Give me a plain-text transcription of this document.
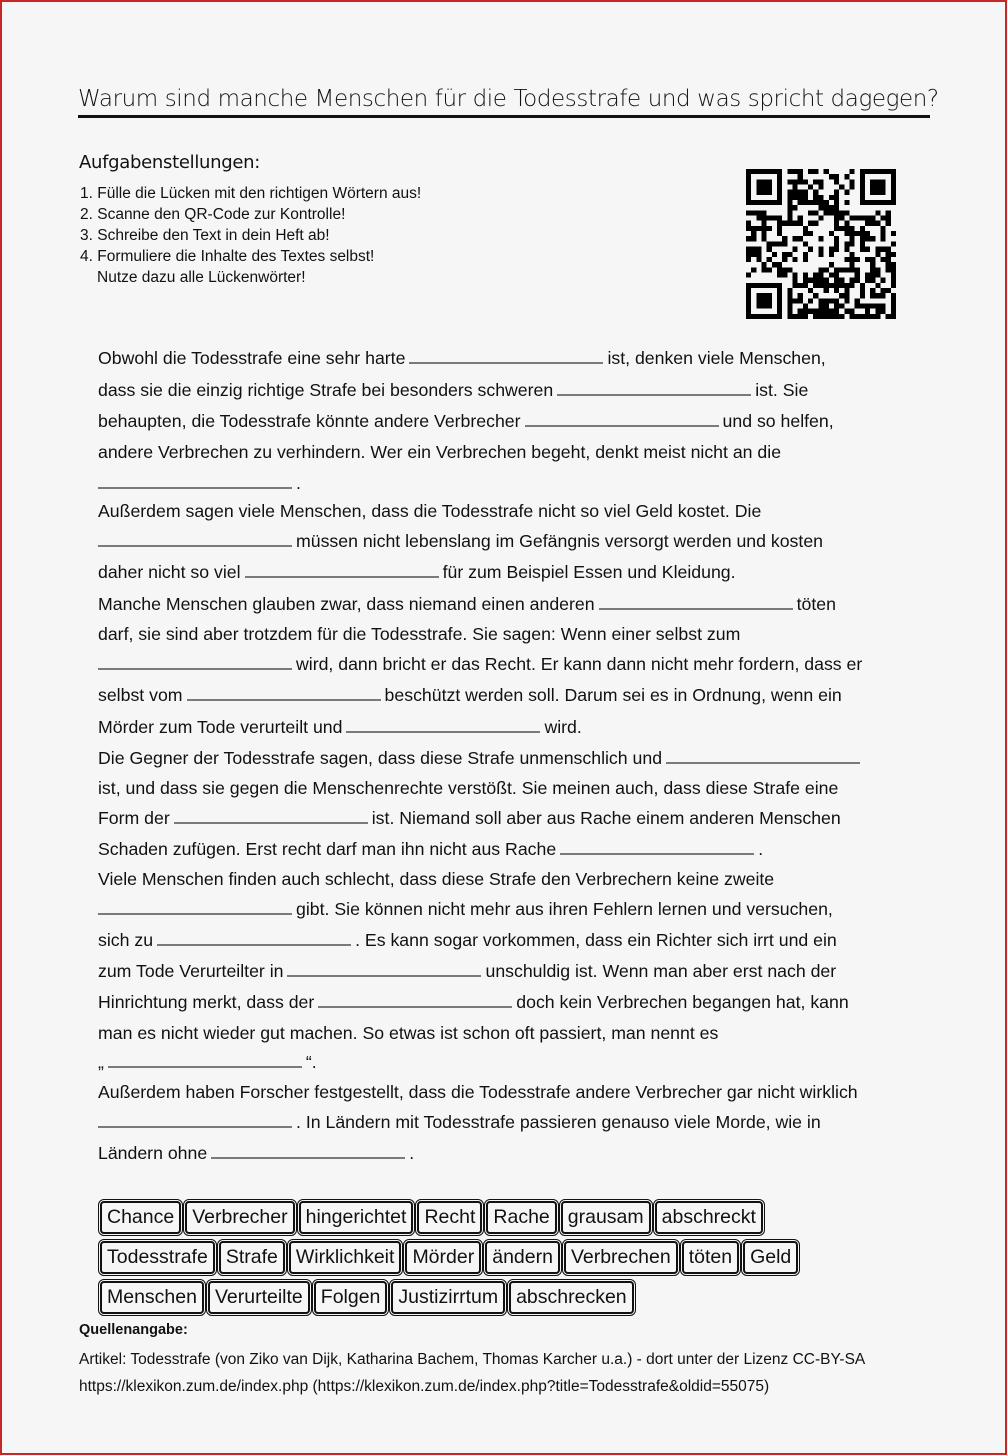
Warum sind manche Menschen für die Todesstrafe und was spricht dagegen?
Aufgabenstellungen:
1. Fülle die Lücken mit den richtigen Wörtern aus!
2. Scanne den QR-Code zur Kontrolle!
3. Schreibe den Text in dein Heft ab!
4. Formuliere die Inhalte des Textes selbst!
Nutze dazu alle Lückenwörter!
Obwohl die Todesstrafe eine sehr harte	ist, denken viele Menschen,
dass sie die einzig richtige Strafe bei besonders schweren	ist. Sie
behaupten, die Todesstrafe könnte andere Verbrecher	und so helfen,
andere Verbrechen zu verhindern. Wer ein Verbrechen begeht, denkt meist nicht an die
.
Außerdem sagen viele Menschen, dass die Todesstrafe nicht so viel Geld kostet. Die
müssen nicht lebenslang im Gefängnis versorgt werden und kosten
daher nicht so viel	für zum Beispiel Essen und Kleidung.
Manche Menschen glauben zwar, dass niemand einen anderen	töten
darf, sie sind aber trotzdem für die Todesstrafe. Sie sagen: Wenn einer selbst zum
wird, dann bricht er das Recht. Er kann dann nicht mehr fordern, dass er
selbst vom	beschützt werden soll. Darum sei es in Ordnung, wenn ein
Mörder zum Tode verurteilt und	wird.
Die Gegner der Todesstrafe sagen, dass diese Strafe unmenschlich und
ist, und dass sie gegen die Menschenrechte verstößt. Sie meinen auch, dass diese Strafe eine
Form der	ist. Niemand soll aber aus Rache einem anderen Menschen
Schaden zufügen. Erst recht darf man ihn nicht aus Rache	.
Viele Menschen finden auch schlecht, dass diese Strafe den Verbrechern keine zweite
gibt. Sie können nicht mehr aus ihren Fehlern lernen und versuchen,
sich zu	. Es kann sogar vorkommen, dass ein Richter sich irrt und ein
zum Tode Verurteilter in	unschuldig ist. Wenn man aber erst nach der
Hinrichtung merkt, dass der	doch kein Verbrechen begangen hat, kann
man es nicht wieder gut machen. So etwas ist schon oft passiert, man nennt es
„	“.
Außerdem haben Forscher festgestellt, dass die Todesstrafe andere Verbrecher gar nicht wirklich
. In Ländern mit Todesstrafe passieren genauso viele Morde, wie in
Ländern ohne	.
Chance Verbrecher hingerichtet Recht Rache grausam abschreckt
Todesstrafe Strafe Wirklichkeit Mörder ändern Verbrechen töten Geld
Menschen Verurteilte Folgen Justizirrtum abschrecken
Quellenangabe:
Artikel: Todesstrafe (von Ziko van Dijk, Katharina Bachem, Thomas Karcher u.a.) - dort unter der Lizenz CC-BY-SA
https://klexikon.zum.de/index.php (https://klexikon.zum.de/index.php?title=Todesstrafe&oldid=55075)
